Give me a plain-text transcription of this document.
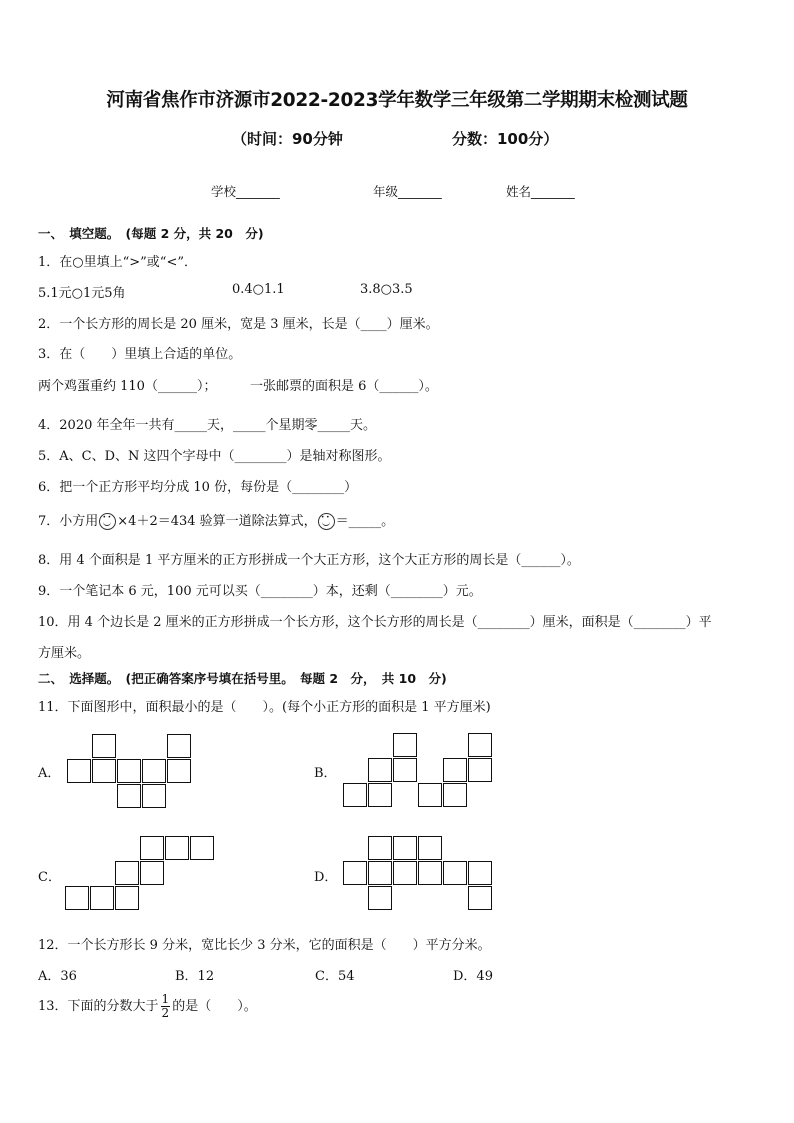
河南省焦作市济源市2022-2023学年数学三年级第二学期期末检测试题
（时间：90分钟	分数：100分）
学校_______	年级_______	姓名_______
一、　填空题。　(每题 2 分，共 20　分)
1．在○里填上“>”或“<”．
5.1元○1元5角	0.4○1.1	3.8○3.5
2．一个长方形的周长是 20 厘米，宽是 3 厘米，长是（____）厘米。
3．在（　　）里填上合适的单位。
两个鸡蛋重约 110（______）；	一张邮票的面积是 6（______）。
4．2020 年全年一共有_____天，_____个星期零_____天。
5．A、C、D、N 这四个字母中（________）是轴对称图形。
6．把一个正方形平均分成 10 份，每份是（________）
7．小方用 ·· ×4＋2＝434 验算一道除法算式， ·· ＝_____。
8．用 4 个面积是 1 平方厘米的正方形拼成一个大正方形，这个大正方形的周长是（______）。
9．一个笔记本 6 元，100 元可以买（________）本，还剩（________）元。
10．用 4 个边长是 2 厘米的正方形拼成一个长方形，这个长方形的周长是（________）厘米，面积是（________）平
方厘米。
二、　选择题。　(把正确答案序号填在括号里。　每题 2　分，　共 10　分)
11．下面图形中，面积最小的是（　　）。(每个小正方形的面积是 1 平方厘米)
A．	B．
C．	D．
12．一个长方形长 9 分米，宽比长少 3 分米，它的面积是（　　）平方分米。
A．36	B．12	C．54	D．49
13．下面的分数大于 $\frac{1}{2}$ 的是（　　）。
